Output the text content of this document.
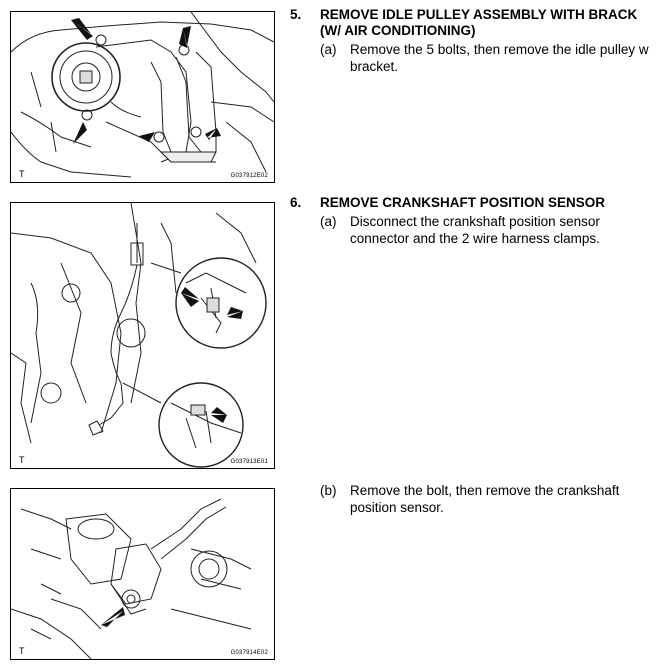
T	G037912E02
T	G037913E01
T	G037914E02
5. REMOVE IDLE PULLEY ASSEMBLY WITH BRACK
(W/ AIR CONDITIONING)
(a) Remove the 5 bolts, then remove the idle pulley w
bracket.
6. REMOVE CRANKSHAFT POSITION SENSOR
(a) Disconnect the crankshaft position sensor
connector and the 2 wire harness clamps.
(b) Remove the bolt, then remove the crankshaft
position sensor.
